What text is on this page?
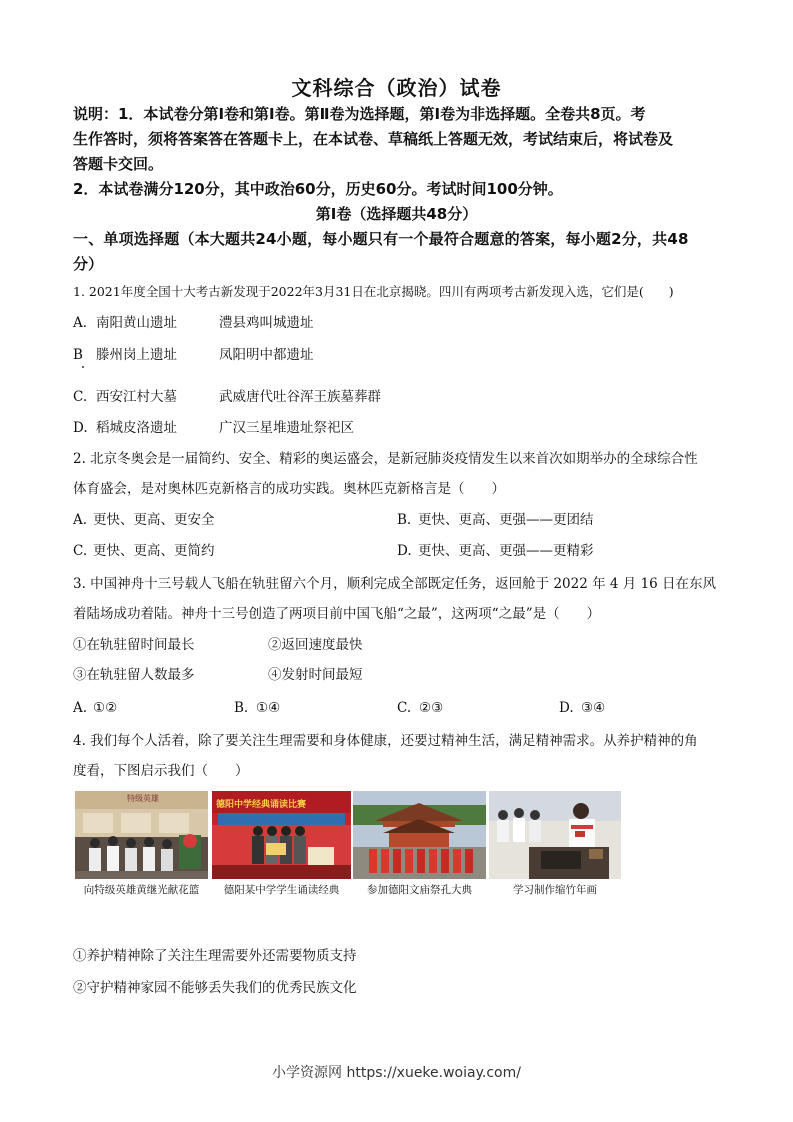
文科综合（政治）试卷
说明：1．本试卷分第Ⅰ卷和第Ⅰ卷。第Ⅱ卷为选择题，第Ⅰ卷为非选择题。全卷共8页。考
生作答时，须将答案答在答题卡上，在本试卷、草稿纸上答题无效，考试结束后，将试卷及
答题卡交回。
2．本试卷满分120分，其中政治60分，历史60分。考试时间100分钟。
第Ⅰ卷（选择题共48分）
一、单项选择题（本大题共24小题，每小题只有一个最符合题意的答案，每小题2分，共48
分）
1. 2021年度全国十大考古新发现于2022年3月31日在北京揭晓。四川有两项考古新发现入选，它们是(　　)
A. 南阳黄山遗址	澧县鸡叫城遗址
B 滕州岗上遗址	凤阳明中都遗址
C. 西安江村大墓	武威唐代吐谷浑王族墓葬群
D. 稻城皮洛遗址	广汉三星堆遗址祭祀区
2. 北京冬奥会是一届简约、安全、精彩的奥运盛会，是新冠肺炎疫情发生以来首次如期举办的全球综合性
体育盛会，是对奥林匹克新格言的成功实践。奥林匹克新格言是（　　）
A. 更快、更高、更安全	B. 更快、更高、更强——更团结
C. 更快、更高、更简约	D. 更快、更高、更强——更精彩
3. 中国神舟十三号载人飞船在轨驻留六个月，顺利完成全部既定任务，返回舱于 2022 年 4 月 16 日在东风
着陆场成功着陆。神舟十三号创造了两项目前中国飞船“之最”，这两项“之最”是（　　）
①在轨驻留时间最长	②返回速度最快
③在轨驻留人数最多	④发射时间最短
A. ①②	B. ①④	C. ②③	D. ③④
4. 我们每个人活着，除了要关注生理需要和身体健康，还要过精神生活，满足精神需求。从养护精神的角
度看，下图启示我们（　　）
特级英雄
德阳中学经典诵读比赛
向特级英雄黄继光献花篮	德阳某中学学生诵读经典	参加德阳文庙祭孔大典	学习制作缩竹年画
①养护精神除了关注生理需要外还需要物质支持
②守护精神家园不能够丢失我们的优秀民族文化
小学资源网 https://xueke.woiay.com/
